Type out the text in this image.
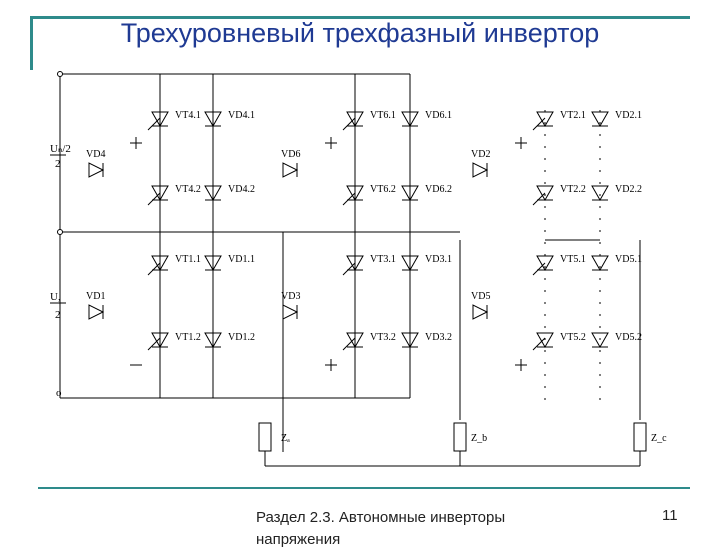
Трехуровневый трехфазный инвертор
Uₙ/2
2
U,
2
o
VD4
VD1
VD6
VD3
VD2
VD5
VT4.1	VD4.1
VT4.2	VD4.2
VT1.1	VD1.1
VT1.2	VD1.2
VT6.1	VD6.1
VT6.2	VD6.2
VT3.1	VD3.1
VT3.2	VD3.2
VT2.1	VD2.1
VT2.2	VD2.2
VT5.1	VD5.1
VT5.2	VD5.2
Zₐ	Z_b	Z_c
Раздел 2.3. Автономные инверторы напряжения
11
